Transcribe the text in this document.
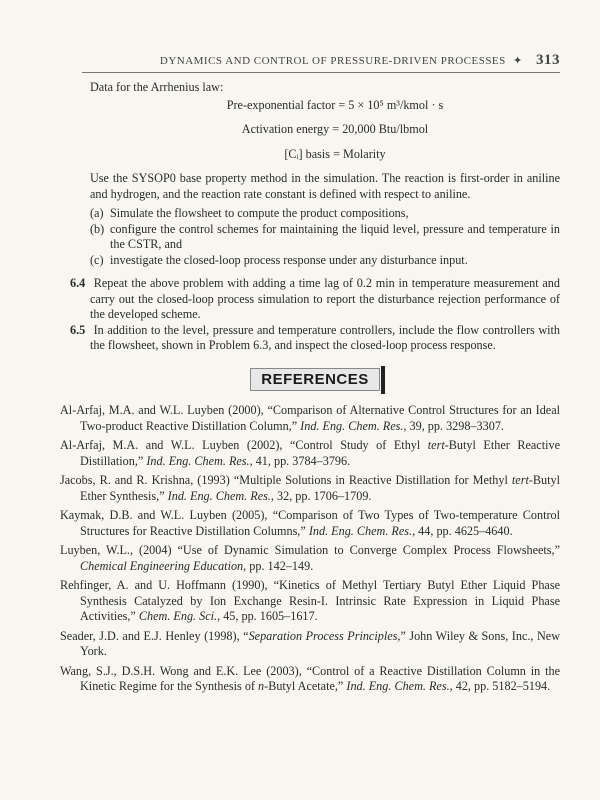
DYNAMICS AND CONTROL OF PRESSURE-DRIVEN PROCESSES ✦ 313
Data for the Arrhenius law:
Pre-exponential factor = 5 × 10⁵ m³/kmol · s
Activation energy = 20,000 Btu/lbmol
[Cᵢ] basis = Molarity
Use the SYSOP0 base property method in the simulation. The reaction is first-order in aniline and hydrogen, and the reaction rate constant is defined with respect to aniline.
(a) Simulate the flowsheet to compute the product compositions,
(b) configure the control schemes for maintaining the liquid level, pressure and temperature in the CSTR, and
(c) investigate the closed-loop process response under any disturbance input.
6.4 Repeat the above problem with adding a time lag of 0.2 min in temperature measurement and carry out the closed-loop process simulation to report the disturbance rejection performance of the developed scheme.
6.5 In addition to the level, pressure and temperature controllers, include the flow controllers with the flowsheet, shown in Problem 6.3, and inspect the closed-loop process response.
REFERENCES
Al-Arfaj, M.A. and W.L. Luyben (2000), “Comparison of Alternative Control Structures for an Ideal Two-product Reactive Distillation Column,” Ind. Eng. Chem. Res., 39, pp. 3298–3307.
Al-Arfaj, M.A. and W.L. Luyben (2002), “Control Study of Ethyl tert-Butyl Ether Reactive Distillation,” Ind. Eng. Chem. Res., 41, pp. 3784–3796.
Jacobs, R. and R. Krishna, (1993) “Multiple Solutions in Reactive Distillation for Methyl tert-Butyl Ether Synthesis,” Ind. Eng. Chem. Res., 32, pp. 1706–1709.
Kaymak, D.B. and W.L. Luyben (2005), “Comparison of Two Types of Two-temperature Control Structures for Reactive Distillation Columns,” Ind. Eng. Chem. Res., 44, pp. 4625–4640.
Luyben, W.L., (2004) “Use of Dynamic Simulation to Converge Complex Process Flowsheets,” Chemical Engineering Education, pp. 142–149.
Rehfinger, A. and U. Hoffmann (1990), “Kinetics of Methyl Tertiary Butyl Ether Liquid Phase Synthesis Catalyzed by Ion Exchange Resin-I. Intrinsic Rate Expression in Liquid Phase Activities,” Chem. Eng. Sci., 45, pp. 1605–1617.
Seader, J.D. and E.J. Henley (1998), “Separation Process Principles,” John Wiley & Sons, Inc., New York.
Wang, S.J., D.S.H. Wong and E.K. Lee (2003), “Control of a Reactive Distillation Column in the Kinetic Regime for the Synthesis of n-Butyl Acetate,” Ind. Eng. Chem. Res., 42, pp. 5182–5194.
